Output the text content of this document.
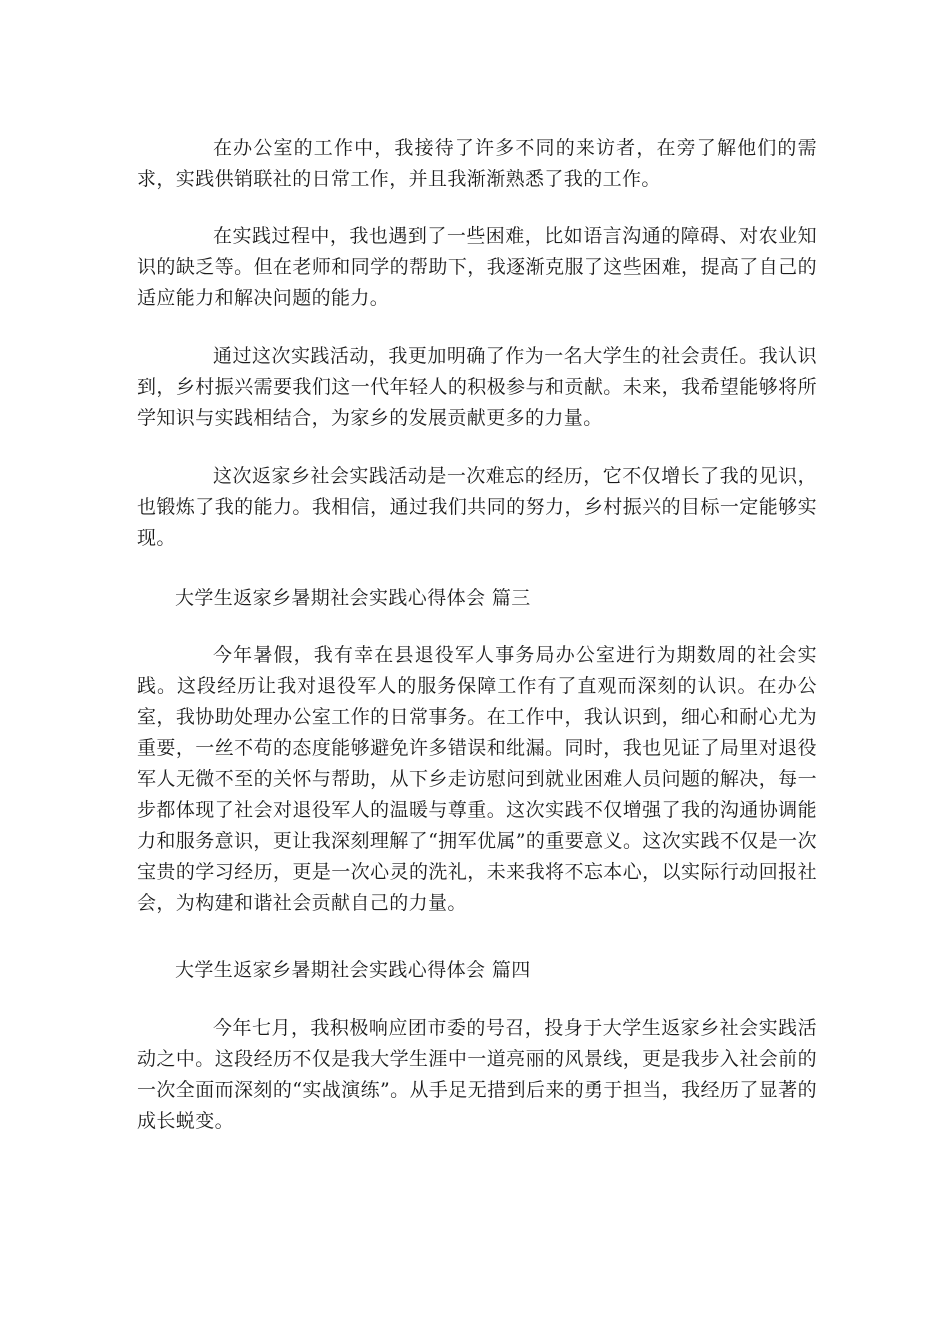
在办公室的工作中，我接待了许多不同的来访者，在旁了解他们的需求，实践供销联社的日常工作，并且我渐渐熟悉了我的工作。

在实践过程中，我也遇到了一些困难，比如语言沟通的障碍、对农业知识的缺乏等。但在老师和同学的帮助下，我逐渐克服了这些困难，提高了自己的适应能力和解决问题的能力。

通过这次实践活动，我更加明确了作为一名大学生的社会责任。我认识到，乡村振兴需要我们这一代年轻人的积极参与和贡献。未来，我希望能够将所学知识与实践相结合，为家乡的发展贡献更多的力量。

这次返家乡社会实践活动是一次难忘的经历，它不仅增长了我的见识，也锻炼了我的能力。我相信，通过我们共同的努力，乡村振兴的目标一定能够实现。

大学生返家乡暑期社会实践心得体会 篇三

今年暑假，我有幸在县退役军人事务局办公室进行为期数周的社会实践。这段经历让我对退役军人的服务保障工作有了直观而深刻的认识。在办公室，我协助处理办公室工作的日常事务。在工作中，我认识到，细心和耐心尤为重要，一丝不苟的态度能够避免许多错误和纰漏。同时，我也见证了局里对退役军人无微不至的关怀与帮助，从下乡走访慰问到就业困难人员问题的解决，每一步都体现了社会对退役军人的温暖与尊重。这次实践不仅增强了我的沟通协调能力和服务意识，更让我深刻理解了“拥军优属”的重要意义。这次实践不仅是一次宝贵的学习经历，更是一次心灵的洗礼，未来我将不忘本心，以实际行动回报社会，为构建和谐社会贡献自己的力量。

大学生返家乡暑期社会实践心得体会 篇四

今年七月，我积极响应团市委的号召，投身于大学生返家乡社会实践活动之中。这段经历不仅是我大学生涯中一道亮丽的风景线，更是我步入社会前的一次全面而深刻的“实战演练”。从手足无措到后来的勇于担当，我经历了显著的成长蜕变。
